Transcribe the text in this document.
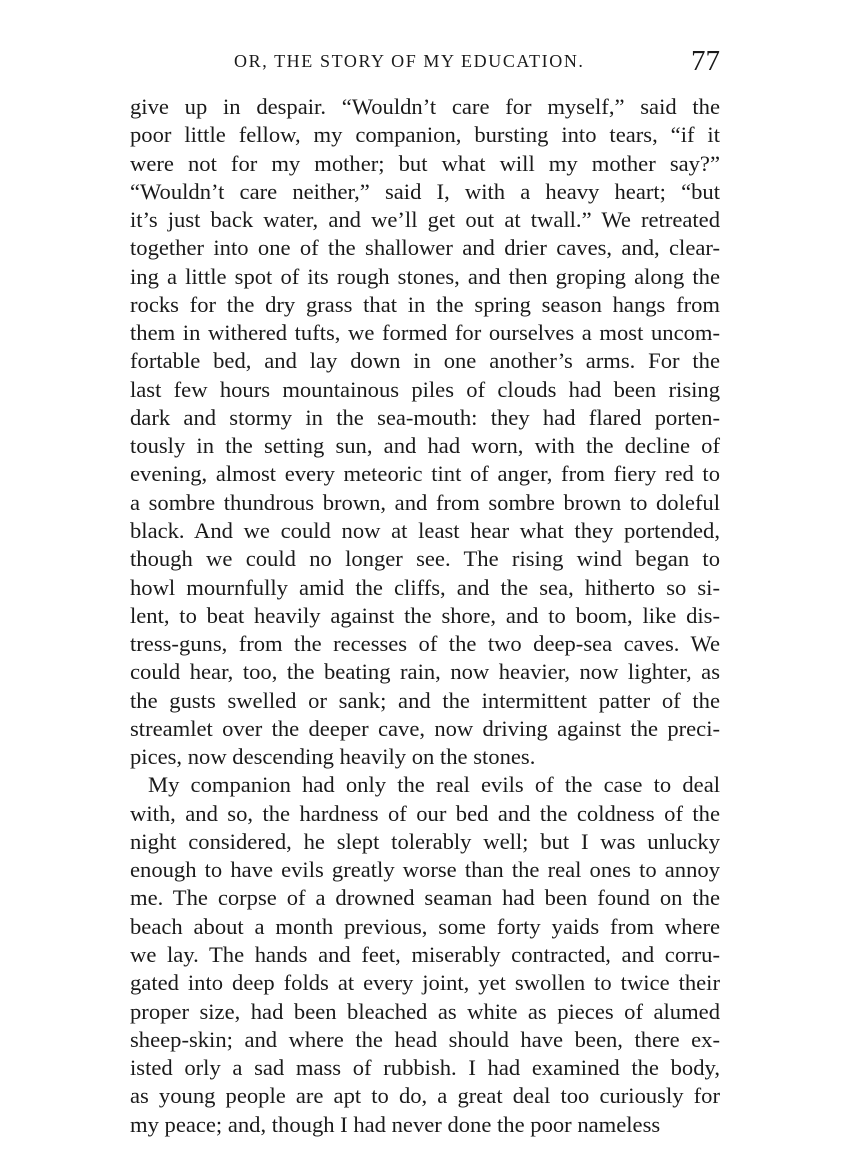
OR, THE STORY OF MY EDUCATION.	77
give up in despair. “Wouldn’t care for myself,” said the
poor little fellow, my companion, bursting into tears, “if it
were not for my mother; but what will my mother say?”
“Wouldn’t care neither,” said I, with a heavy heart; “but
it’s just back water, and we’ll get out at twall.” We retreated
together into one of the shallower and drier caves, and, clear-
ing a little spot of its rough stones, and then groping along the
rocks for the dry grass that in the spring season hangs from
them in withered tufts, we formed for ourselves a most uncom-
fortable bed, and lay down in one another’s arms. For the
last few hours mountainous piles of clouds had been rising
dark and stormy in the sea-mouth: they had flared porten-
tously in the setting sun, and had worn, with the decline of
evening, almost every meteoric tint of anger, from fiery red to
a sombre thundrous brown, and from sombre brown to doleful
black. And we could now at least hear what they portended,
though we could no longer see. The rising wind began to
howl mournfully amid the cliffs, and the sea, hitherto so si-
lent, to beat heavily against the shore, and to boom, like dis-
tress-guns, from the recesses of the two deep-sea caves. We
could hear, too, the beating rain, now heavier, now lighter, as
the gusts swelled or sank; and the intermittent patter of the
streamlet over the deeper cave, now driving against the preci-
pices, now descending heavily on the stones.
My companion had only the real evils of the case to deal
with, and so, the hardness of our bed and the coldness of the
night considered, he slept tolerably well; but I was unlucky
enough to have evils greatly worse than the real ones to annoy
me. The corpse of a drowned seaman had been found on the
beach about a month previous, some forty yaids from where
we lay. The hands and feet, miserably contracted, and corru-
gated into deep folds at every joint, yet swollen to twice their
proper size, had been bleached as white as pieces of alumed
sheep-skin; and where the head should have been, there ex-
isted orly a sad mass of rubbish. I had examined the body,
as young people are apt to do, a great deal too curiously for
my peace; and, though I had never done the poor nameless
